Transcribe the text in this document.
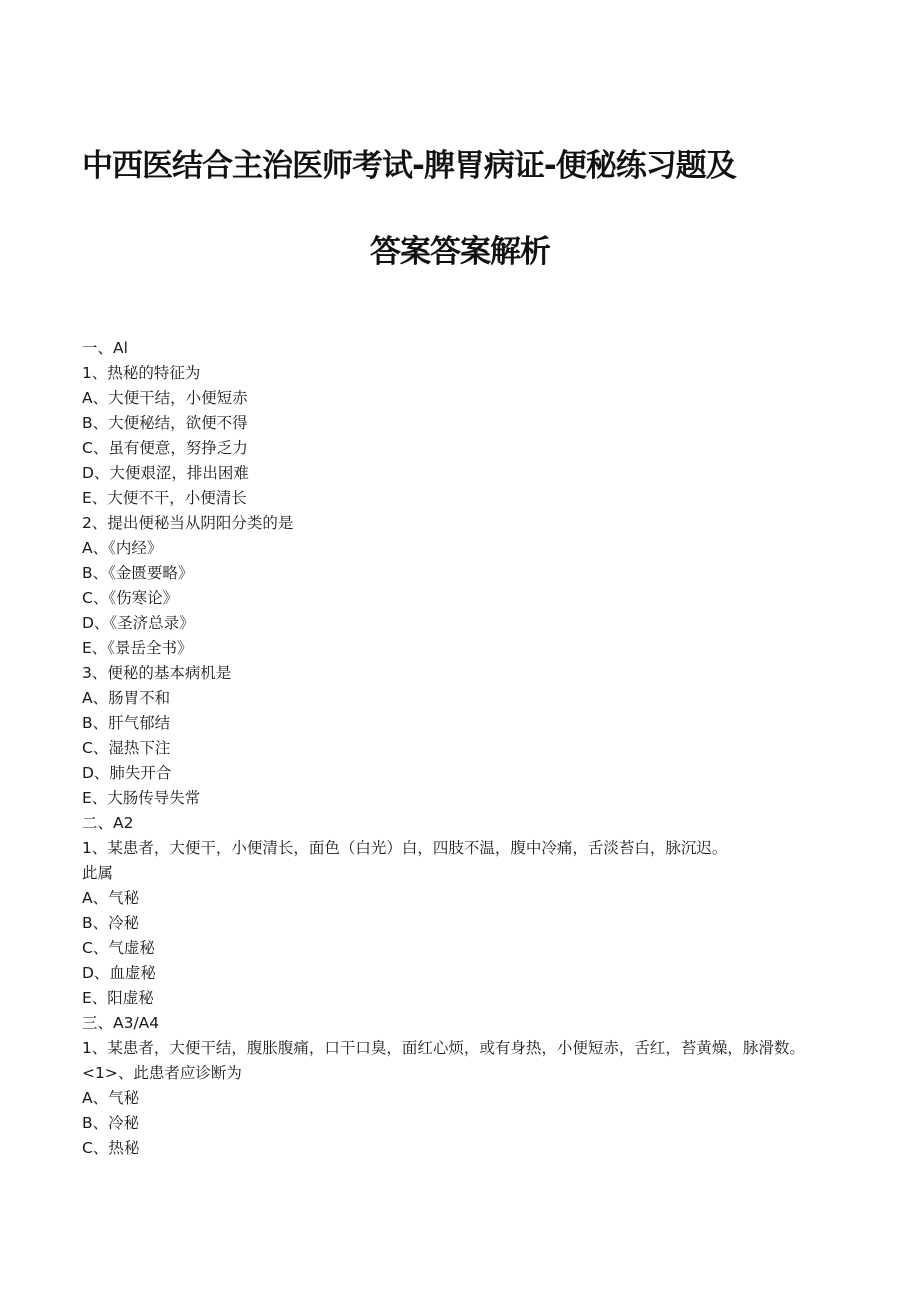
中西医结合主治医师考试-脾胃病证-便秘练习题及
答案答案解析
一、Al
1、热秘的特征为
A、大便干结，小便短赤
B、大便秘结，欲便不得
C、虽有便意，努挣乏力
D、大便艰涩，排出困难
E、大便不干，小便清长
2、提出便秘当从阴阳分类的是
A、《内经》
B、《金匮要略》
C、《伤寒论》
D、《圣济总录》
E、《景岳全书》
3、便秘的基本病机是
A、肠胃不和
B、肝气郁结
C、湿热下注
D、肺失开合
E、大肠传导失常
二、A2
1、某患者，大便干，小便清长，面色（白光）白，四肢不温，腹中冷痛，舌淡苔白，脉沉迟。
此属
A、气秘
B、冷秘
C、气虚秘
D、血虚秘
E、阳虚秘
三、A3/A4
1、某患者，大便干结，腹胀腹痛，口干口臭，面红心烦，或有身热，小便短赤，舌红，苔黄燥，脉滑数。
<1>、此患者应诊断为
A、气秘
B、冷秘
C、热秘
